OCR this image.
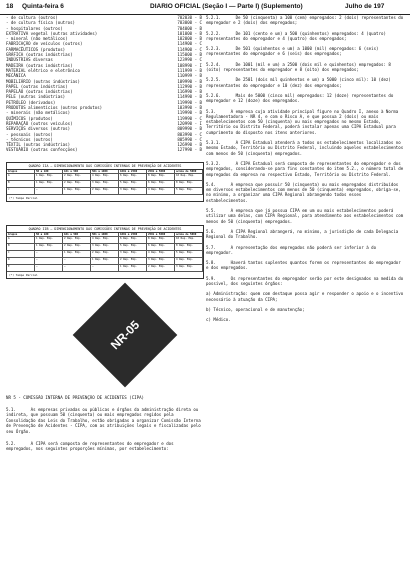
18 Quinta-feira 6	DIARIO OFICIAL (Seção I — Parte I) (Suplemento)	Julho de 197
- de cultura (outros)	702030 - B
- de cultura física (outros)	703000 - C
- hospitalares (outros)	704000 - B
EXTRATIVA vegetal (outras atividades)	101000 - B
- mineral (não metálicos)	102000 - B
FABRICAÇÃO de veículos (outros)	114900 - C
FARMACÊUTICOS (produtos)	114900 - C
GRÁFICA (outras indústrias)	115000 - B
INDÚSTRIAS diversas	123990 - C
MADEIRA (outras indústrias)	108990 - I
MATERIAL elétrico e eletrônico	111999 - B
MECÂNICA	110999 - B
MOBILIÁRIO (outras indústrias)	109990 - B
PAPEL (outras indústrias)	112990 - B
PAPELÃO (outras indústrias)	116990 - B
PELE (outras indústrias)	114990 - B
PETRÓLEO (derivados)	119990 - B
PRODUTOS alimentícios (outros produtos)	103990 - B
- minerais (não metálicos)	119990 - B
QUÍMICOS (produtos)	119990 - C
REPARAÇÃO (outros veículos)	120990 - I
SERVIÇOS diversos (outros)	809990 - B
- pessoais (outros)	803990 - C
- técnicos (outros)	805990 - C
TÊXTIL (outras indústrias)	126990 - B
VESTUÁRIO (outras confecções)	127990 - B
QUADRO IIA — DIMENSIONAMENTO DAS COMISSÕES INTERNAS DE PREVENÇÃO DE ACIDENTES
Grupos	50 a 100	101 a 500	501 a 1000	1001 a 2500	2501 a 5000	acima de 5000
A	1 Rep. Emp.	2 Rep. Emp.	4 Rep. Emp.	6 Rep. Emp.	8 Rep. Emp.	10 Rep. Emp.
B	1 Rep. Emp.	2 Rep. Emp.	3 Rep. Emp.	5 Rep. Emp.	6 Rep. Emp.	8 Rep. Emp.
C	—	1 Rep. Emp.	2 Rep. Emp.	3 Rep. Emp.	4 Rep. Emp.	5 Rep. Emp.
(*) Tempo Parcial
QUADRO IIB — DIMENSIONAMENTO DAS COMISSÕES INTERNAS DE PREVENÇÃO DE ACIDENTES
Grupos	50 a 100	101 a 500	501 a 1000	1001 a 2500	2501 a 5000	acima de 5000
A	1 Rep. Emp.	2 Rep. Emp.	4 Rep. Emp.	6 Rep. Emp.	8 Rep. Emp.	10 Rep. Emp.
B	1 Rep. Emp.	2 Rep. Emp.	3 Rep. Emp.	5 Rep. Emp.	6 Rep. Emp.	8 Rep. Emp.
C	—	1 Rep. Emp.	2 Rep. Emp.	3 Rep. Emp.	4 Rep. Emp.	5 Rep. Emp.
D	—	—	1 Rep. Emp.	2 Rep. Emp.	3 Rep. Emp.	4 Rep. Emp.
E	—	—	—	1 Rep. Emp.	2 Rep. Emp.	3 Rep. Emp.
(*) Tempo Parcial
NR-05

NR 5 - COMISSÃO INTERNA DE PREVENÇÃO DE ACIDENTES (CIPA)

5.1.      As empresas privadas ou públicas e órgãos da administração direta ou indireta, que possuam 50 (cinquenta) ou mais empregados regidos pela Consolidação das Leis do Trabalho, estão obrigadas a organizar Comissão Interna de Prevenção de Acidentes - CIPA, com as atribuições legais e fiscalizadas pelo seu Órgão.

5.2.      A CIPA será composta de representantes do empregador e dos empregados, nos seguintes proporções mínimas, por estabelecimento:

5.2.1.      De 50 (cinquenta) a 100 (cem) empregados: 2 (dois) representantes do empregador e 2 (dois) dos empregados;

5.2.2.      De 101 (cento e um) a 500 (quinhentos) empregados: 4 (quatro) representantes do empregador e 4 (quatro) dos empregados;

5.2.3.      De 501 (quinhentos e um) a 1000 (mil) empregados: 6 (seis) representantes do empregador e 6 (seis) dos empregados;

5.2.4.      De 1001 (mil e um) a 2500 (dois mil e quinhentos) empregados: 8 (oito) representantes do empregador e 8 (oito) dos empregados;

5.2.5.      De 2501 (dois mil quinhentos e um) a 5000 (cinco mil): 10 (dez) representantes do empregador e 10 (dez) dos empregados;

5.2.6.      Mais de 5000 (cinco mil) empregados: 12 (doze) representantes do empregador e 12 (doze) dos empregados.

5.3.      A empresa cuja atividade principal figure no Quadro I, anexo à Norma Regulamentadora - NR 4, e com o Risco A, e que possua 2 (dois) ou mais estabelecimentos com 50 (cinquenta) ou mais empregados no mesmo Estado, Território ou Distrito Federal, poderá instalar apenas uma CIPA Estadual para cumprimento do disposto nos itens anteriores.

5.3.1.      A CIPA Estadual atenderá a todos os estabelecimentos localizados no mesmo Estado, Território ou Distrito Federal, incluindo aqueles estabelecimentos com menos de 50 (cinquenta) empregados.

5.3.2.      A CIPA Estadual será composta de representantes do empregador e dos empregados, considerando-se para fins constantes do item 5.2., o número total de empregados da empresa no respectivo Estado, Território ou Distrito Federal.

5.4.      A empresa que possuir 50 (cinquenta) ou mais empregados distribuídos em diversos estabelecimentos com menos de 50 (cinquenta) empregados, obriga-se, no mínimo, a organizar uma CIPA Regional abrangendo todos esses estabelecimentos.

5.5.      A empresa que já possua CIPA em um ou mais estabelecimentos poderá utilizar uma delas, com CIPA Regional, para atendimento aos estabelecimentos com menos de 50 (cinquenta) empregados.

5.6.      A CIPA Regional abrangerá, no mínimo, a jurisdição de cada Delegacia Regional do Trabalho.

5.7.      A representação dos empregados não poderá ser inferior à do empregador.

5.8.      Haverá tantos suplentes quantos forem os representantes do empregador e dos empregados.

5.9.      Os representantes do empregador serão por este designados na medida do possível, dos seguintes órgãos:

a) Administração: quem com destaque possa agir e responder o apoio e o incentivo necessário à atuação da CIPA;

b) Técnico, operacional e de manutenção;

c) Médico.
